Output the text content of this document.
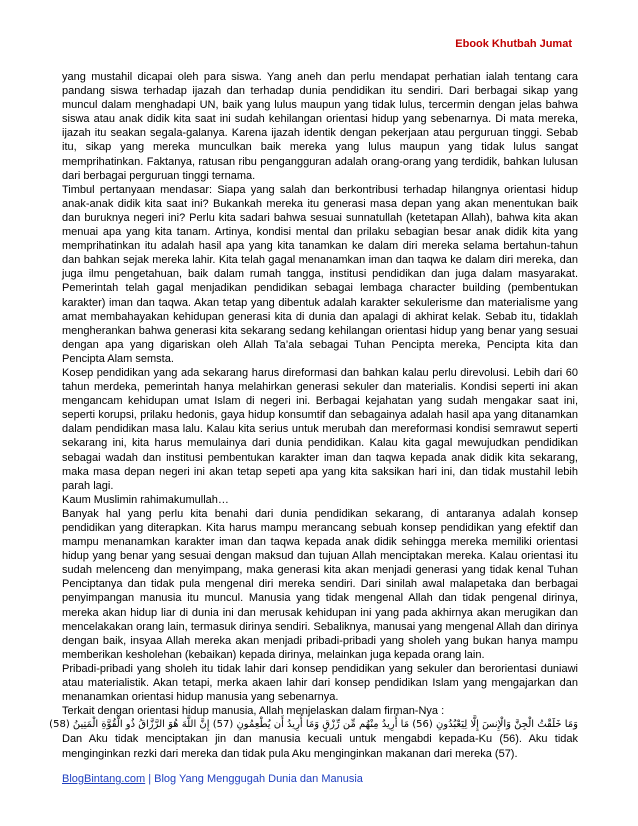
Ebook Khutbah Jumat

yang mustahil dicapai oleh para siswa. Yang aneh dan perlu mendapat perhatian ialah tentang cara pandang siswa terhadap ijazah dan terhadap dunia pendidikan itu sendiri. Dari berbagai sikap yang muncul dalam menghadapi UN, baik yang lulus maupun yang tidak lulus, tercermin dengan jelas bahwa siswa atau anak didik kita saat ini sudah kehilangan orientasi hidup yang sebenarnya. Di mata mereka, ijazah itu seakan segala-galanya. Karena ijazah identik dengan pekerjaan atau perguruan tinggi. Sebab itu, sikap yang mereka munculkan baik mereka yang lulus maupun yang tidak lulus sangat memprihatinkan. Faktanya, ratusan ribu pengangguran adalah orang-orang yang terdidik, bahkan lulusan dari berbagai perguruan tinggi ternama.

Timbul pertanyaan mendasar: Siapa yang salah dan berkontribusi terhadap hilangnya orientasi hidup anak-anak didik kita saat ini? Bukankah mereka itu generasi masa depan yang akan menentukan baik dan buruknya negeri ini? Perlu kita sadari bahwa sesuai sunnatullah (ketetapan Allah), bahwa kita akan menuai apa yang kita tanam. Artinya, kondisi mental dan prilaku sebagian besar anak didik kita yang memprihatinkan itu adalah hasil apa yang kita tanamkan ke dalam diri mereka selama bertahun-tahun dan bahkan sejak mereka lahir. Kita telah gagal menanamkan iman dan taqwa ke dalam diri mereka, dan juga ilmu pengetahuan, baik dalam rumah tangga, institusi pendidikan dan juga dalam masyarakat. Pemerintah telah gagal menjadikan pendidikan sebagai lembaga character building (pembentukan karakter) iman dan taqwa. Akan tetap yang dibentuk adalah karakter sekulerisme dan materialisme yang amat membahayakan kehidupan generasi kita di dunia dan apalagi di akhirat kelak. Sebab itu, tidaklah mengherankan bahwa generasi kita sekarang sedang kehilangan orientasi hidup yang benar yang sesuai dengan apa yang digariskan oleh Allah Ta’ala sebagai Tuhan Pencipta mereka, Pencipta kita dan Pencipta Alam semsta.

Kosep pendidikan yang ada sekarang harus direformasi dan bahkan kalau perlu direvolusi. Lebih dari 60 tahun merdeka, pemerintah hanya melahirkan generasi sekuler dan materialis. Kondisi seperti ini akan mengancam kehidupan umat Islam di negeri ini. Berbagai kejahatan yang sudah mengakar saat ini, seperti korupsi, prilaku hedonis, gaya hidup konsumtif dan sebagainya adalah hasil apa yang ditanamkan dalam pendidikan masa lalu. Kalau kita serius untuk merubah dan mereformasi kondisi semrawut seperti sekarang ini, kita harus memulainya dari dunia pendidikan. Kalau kita gagal mewujudkan pendidikan sebagai wadah dan institusi pembentukan karakter iman dan taqwa kepada anak didik kita sekarang, maka masa depan negeri ini akan tetap sepeti apa yang kita saksikan hari ini, dan tidak mustahil lebih parah lagi.

Kaum Muslimin rahimakumullah…

Banyak hal yang perlu kita benahi dari dunia pendidikan sekarang, di antaranya adalah konsep pendidikan yang diterapkan. Kita harus mampu merancang sebuah konsep pendidikan yang efektif dan mampu menanamkan karakter iman dan taqwa kepada anak didik sehingga mereka memiliki orientasi hidup yang benar yang sesuai dengan maksud dan tujuan Allah menciptakan mereka. Kalau orientasi itu sudah melenceng dan menyimpang, maka generasi kita akan menjadi generasi yang tidak kenal Tuhan Penciptanya dan tidak pula mengenal diri mereka sendiri. Dari sinilah awal malapetaka dan berbagai penyimpangan manusia itu muncul. Manusia yang tidak mengenal Allah dan tidak pengenal dirinya, mereka akan hidup liar di dunia ini dan merusak kehidupan ini yang pada akhirnya akan merugikan dan mencelakakan orang lain, termasuk dirinya sendiri. Sebaliknya, manusai yang mengenal Allah dan dirinya dengan baik, insyaa Allah mereka akan menjadi pribadi-pribadi yang sholeh yang bukan hanya mampu memberikan kesholehan (kebaikan) kepada dirinya, melainkan juga kepada orang lain.

Pribadi-pribadi yang sholeh itu tidak lahir dari konsep pendidikan yang sekuler dan berorientasi duniawi atau materialistik. Akan tetapi, merka akaen lahir dari konsep pendidikan Islam yang mengajarkan dan menanamkan orientasi hidup manusia yang sebenarnya.

Terkait dengan orientasi hidup manusia, Allah menjelaskan dalam firman-Nya :

وَمَا خَلَقْتُ الْجِنَّ وَالْإِنسَ إِلَّا لِيَعْبُدُونِ (56) مَا أُرِيدُ مِنْهُم مِّن رِّزْقٍ وَمَا أُرِيدُ أَن يُطْعِمُونِ (57) إِنَّ اللَّهَ هُوَ الرَّزَّاقُ ذُو الْقُوَّةِ الْمَتِينُ (58)

Dan Aku tidak menciptakan jin dan manusia kecuali untuk mengabdi kepada-Ku (56). Aku tidak menginginkan rezki dari mereka dan tidak pula Aku menginginkan makanan dari mereka (57).

BlogBintang.com | Blog Yang Menggugah Dunia dan Manusia
